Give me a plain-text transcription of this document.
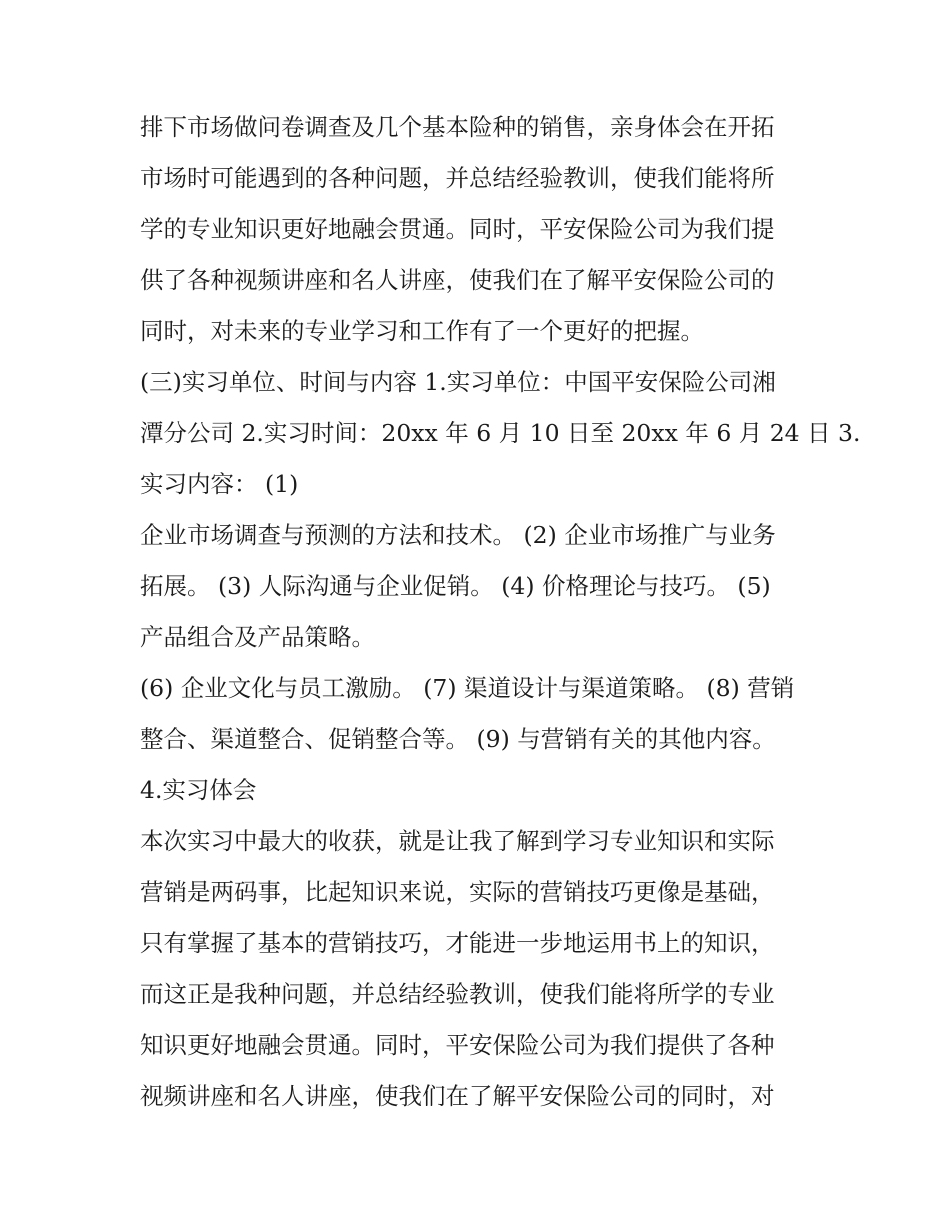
排下市场做问卷调查及几个基本险种的销售，亲身体会在开拓
市场时可能遇到的各种问题，并总结经验教训，使我们能将所
学的专业知识更好地融会贯通。同时，平安保险公司为我们提
供了各种视频讲座和名人讲座，使我们在了解平安保险公司的
同时，对未来的专业学习和工作有了一个更好的把握。
(三)实习单位、时间与内容 1.实习单位：中国平安保险公司湘
潭分公司 2.实习时间：20xx 年 6 月 10 日至 20xx 年 6 月 24 日 3.
实习内容： (1)
企业市场调查与预测的方法和技术。 (2) 企业市场推广与业务
拓展。 (3) 人际沟通与企业促销。 (4) 价格理论与技巧。 (5)
产品组合及产品策略。
(6) 企业文化与员工激励。 (7) 渠道设计与渠道策略。 (8) 营销
整合、渠道整合、促销整合等。 (9) 与营销有关的其他内容。
4.实习体会
本次实习中最大的收获，就是让我了解到学习专业知识和实际
营销是两码事，比起知识来说，实际的营销技巧更像是基础，
只有掌握了基本的营销技巧，才能进一步地运用书上的知识，
而这正是我种问题，并总结经验教训，使我们能将所学的专业
知识更好地融会贯通。同时，平安保险公司为我们提供了各种
视频讲座和名人讲座，使我们在了解平安保险公司的同时，对
